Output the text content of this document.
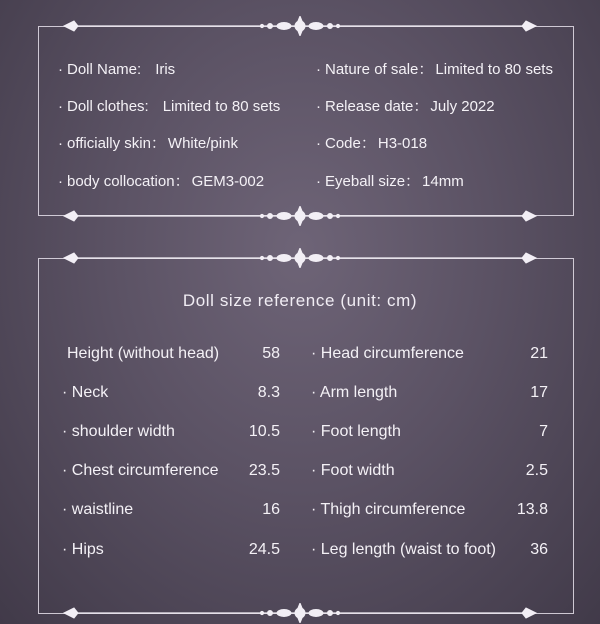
· Doll Name: Iris
· Doll clothes: Limited to 80 sets
· officially skin： White/pink
· body collocation： GEM3-002
· Nature of sale： Limited to 80 sets
· Release date： July 2022
· Code： H3-018
· Eyeball size： 14mm
Doll size reference (unit: cm)
Height (without head)
· Neck
· shoulder width
· Chest circumference
· waistline
· Hips
58
8.3
10.5
23.5
16
24.5
· Head circumference
· Arm length
· Foot length
· Foot width
· Thigh circumference
· Leg length (waist to foot)
21
17
7
2.5
13.8
36
